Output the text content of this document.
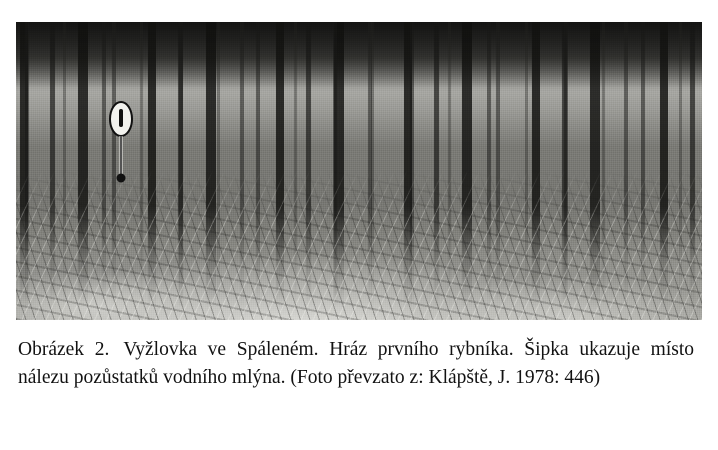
Obrázek 2. Vyžlovka ve Spáleném. Hráz prvního rybníka. Šipka ukazuje místo nálezu pozůstatků vodního mlýna. (Foto převzato z: Klápště, J. 1978: 446)
